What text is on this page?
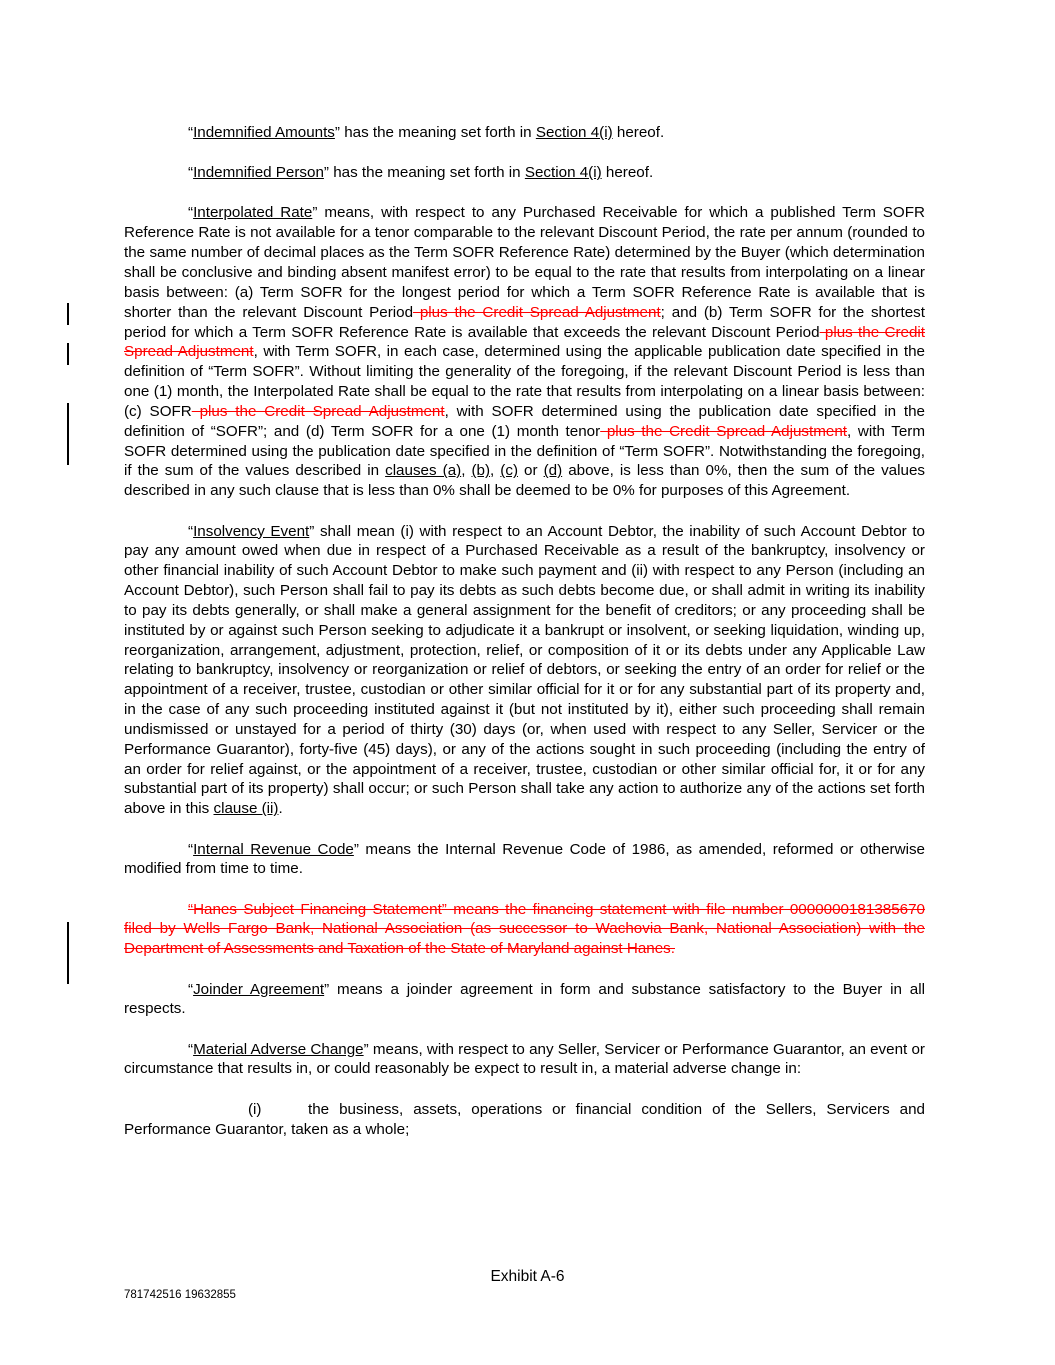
“Indemnified Amounts” has the meaning set forth in Section 4(i) hereof.

“Indemnified Person” has the meaning set forth in Section 4(i) hereof.

“Interpolated Rate” means, with respect to any Purchased Receivable for which a published Term SOFR Reference Rate is not available for a tenor comparable to the relevant Discount Period, the rate per annum (rounded to the same number of decimal places as the Term SOFR Reference Rate) determined by the Buyer (which determination shall be conclusive and binding absent manifest error) to be equal to the rate that results from interpolating on a linear basis between: (a) Term SOFR for the longest period for which a Term SOFR Reference Rate is available that is shorter than the relevant Discount Period plus the Credit Spread Adjustment; and (b) Term SOFR for the shortest period for which a Term SOFR Reference Rate is available that exceeds the relevant Discount Period plus the Credit Spread Adjustment, with Term SOFR, in each case, determined using the applicable publication date specified in the definition of “Term SOFR”. Without limiting the generality of the foregoing, if the relevant Discount Period is less than one (1) month, the Interpolated Rate shall be equal to the rate that results from interpolating on a linear basis between: (c) SOFR plus the Credit Spread Adjustment, with SOFR determined using the publication date specified in the definition of “SOFR”; and (d) Term SOFR for a one (1) month tenor plus the Credit Spread Adjustment, with Term SOFR determined using the publication date specified in the definition of “Term SOFR”. Notwithstanding the foregoing, if the sum of the values described in clauses (a), (b), (c) or (d) above, is less than 0%, then the sum of the values described in any such clause that is less than 0% shall be deemed to be 0% for purposes of this Agreement.

“Insolvency Event” shall mean (i) with respect to an Account Debtor, the inability of such Account Debtor to pay any amount owed when due in respect of a Purchased Receivable as a result of the bankruptcy, insolvency or other financial inability of such Account Debtor to make such payment and (ii) with respect to any Person (including an Account Debtor), such Person shall fail to pay its debts as such debts become due, or shall admit in writing its inability to pay its debts generally, or shall make a general assignment for the benefit of creditors; or any proceeding shall be instituted by or against such Person seeking to adjudicate it a bankrupt or insolvent, or seeking liquidation, winding up, reorganization, arrangement, adjustment, protection, relief, or composition of it or its debts under any Applicable Law relating to bankruptcy, insolvency or reorganization or relief of debtors, or seeking the entry of an order for relief or the appointment of a receiver, trustee, custodian or other similar official for it or for any substantial part of its property and, in the case of any such proceeding instituted against it (but not instituted by it), either such proceeding shall remain undismissed or unstayed for a period of thirty (30) days (or, when used with respect to any Seller, Servicer or the Performance Guarantor), forty-five (45) days), or any of the actions sought in such proceeding (including the entry of an order for relief against, or the appointment of a receiver, trustee, custodian or other similar official for, it or for any substantial part of its property) shall occur; or such Person shall take any action to authorize any of the actions set forth above in this clause (ii).

“Internal Revenue Code” means the Internal Revenue Code of 1986, as amended, reformed or otherwise modified from time to time.

“Hanes Subject Financing Statement” means the financing statement with file number 0000000181385670 filed by Wells Fargo Bank, National Association (as successor to Wachovia Bank, National Association) with the Department of Assessments and Taxation of the State of Maryland against Hanes.

“Joinder Agreement” means a joinder agreement in form and substance satisfactory to the Buyer in all respects.

“Material Adverse Change” means, with respect to any Seller, Servicer or Performance Guarantor, an event or circumstance that results in, or could reasonably be expect to result in, a material adverse change in:

(i)	the business, assets, operations or financial condition of the Sellers, Servicers and Performance Guarantor, taken as a whole;

Exhibit A-6
781742516 19632855
